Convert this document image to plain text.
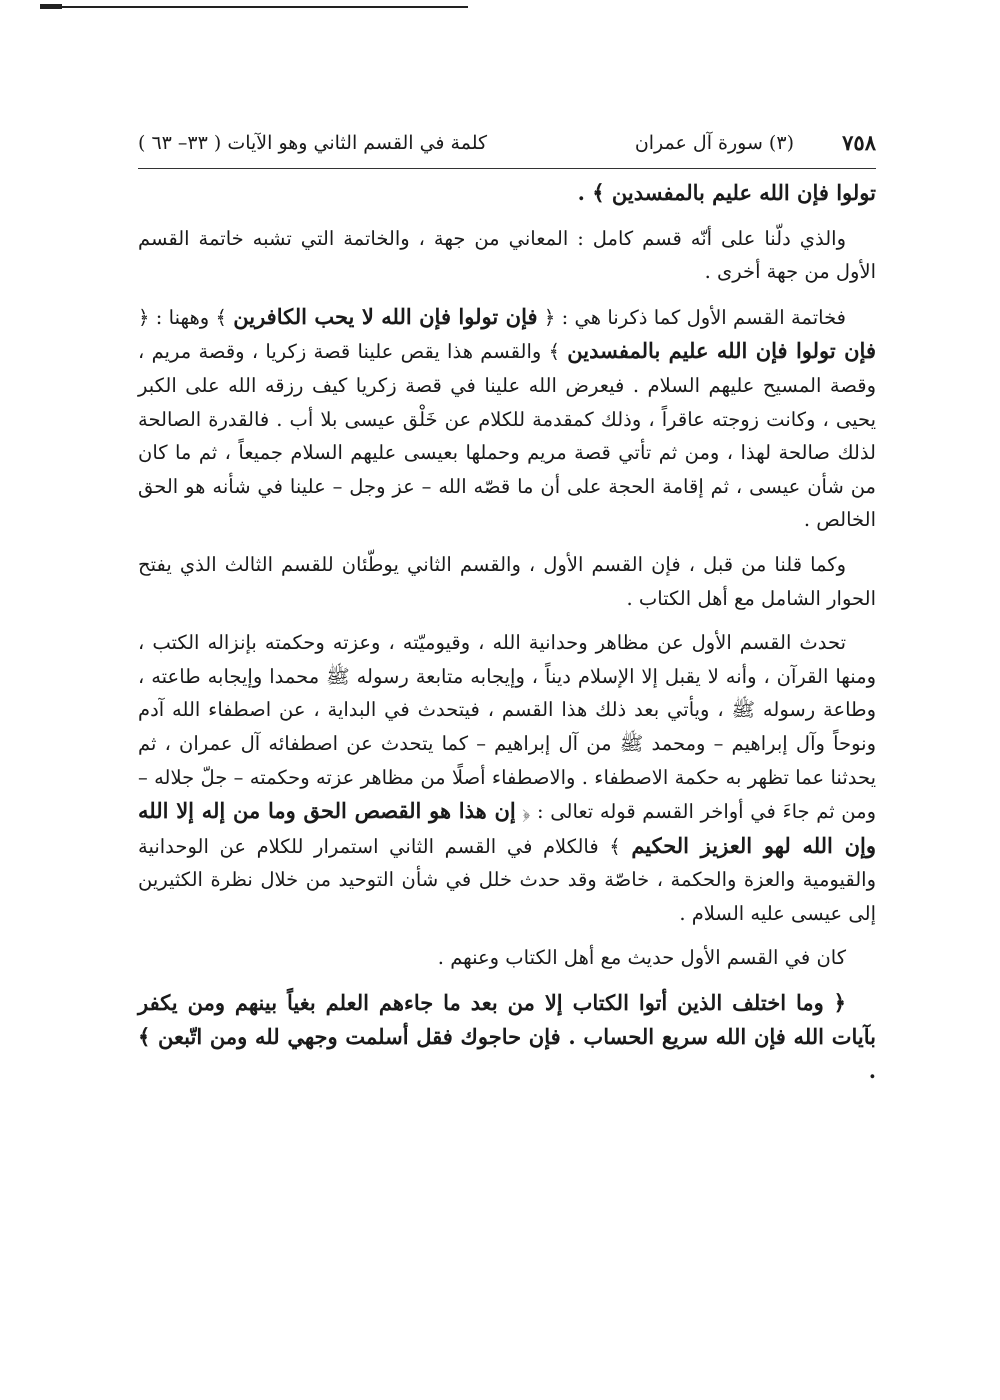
٧٥٨
(٣) سورة آل عمران
كلمة في القسم الثاني وهو الآيات ( ٣٣– ٦٣ )

تولوا فإن الله عليم بالمفسدين ﴾ .

والذي دلّنا على أنّه قسم كامل : المعاني من جهة ، والخاتمة التي تشبه خاتمة القسم الأول من جهة أخرى .

فخاتمة القسم الأول كما ذكرنا هي : ﴿ فإن تولوا فإن الله لا يحب الكافرين ﴾ وههنا : ﴿ فإن تولوا فإن الله عليم بالمفسدين ﴾ والقسم هذا يقص علينا قصة زكريا ، وقصة مريم ، وقصة المسيح عليهم السلام . فيعرض الله علينا في قصة زكريا كيف رزقه الله على الكبر يحيى ، وكانت زوجته عاقراً ، وذلك كمقدمة للكلام عن خَلْق عيسى بلا أب . فالقدرة الصالحة لذلك صالحة لهذا ، ومن ثم تأتي قصة مريم وحملها بعيسى عليهم السلام جميعاً ، ثم ما كان من شأن عيسى ، ثم إقامة الحجة على أن ما قصّه الله – عز وجل – علينا في شأنه هو الحق الخالص .

وكما قلنا من قبل ، فإن القسم الأول ، والقسم الثاني يوطّئان للقسم الثالث الذي يفتح الحوار الشامل مع أهل الكتاب .

تحدث القسم الأول عن مظاهر وحدانية الله ، وقيوميّته ، وعزته وحكمته بإنزاله الكتب ، ومنها القرآن ، وأنه لا يقبل إلا الإسلام ديناً ، وإيجابه متابعة رسوله ﷺ محمدا وإيجابه طاعته ، وطاعة رسوله ﷺ ، ويأتي بعد ذلك هذا القسم ، فيتحدث في البداية ، عن اصطفاء الله آدم ونوحاً وآل إبراهيم – ومحمد ﷺ من آل إبراهيم – كما يتحدث عن اصطفائه آل عمران ، ثم يحدثنا عما تظهر به حكمة الاصطفاء . والاصطفاء أصلًا من مظاهر عزته وحكمته – جلّ جلاله – ومن ثم جاءَ في أواخر القسم قوله تعالى : ﴿ إن هذا هو القصص الحق وما من إله إلا الله وإن الله لهو العزيز الحكيم ﴾ فالكلام في القسم الثاني استمرار للكلام عن الوحدانية والقيومية والعزة والحكمة ، خاصّة وقد حدث خلل في شأن التوحيد من خلال نظرة الكثيرين إلى عيسى عليه السلام .

كان في القسم الأول حديث مع أهل الكتاب وعنهم .

﴿ وما اختلف الذين أتوا الكتاب إلا من بعد ما جاءهم العلم بغياً بينهم ومن يكفر بآيات الله فإن الله سريع الحساب . فإن حاجوك فقل أسلمت وجهي لله ومن اتّبعن ﴾ .
